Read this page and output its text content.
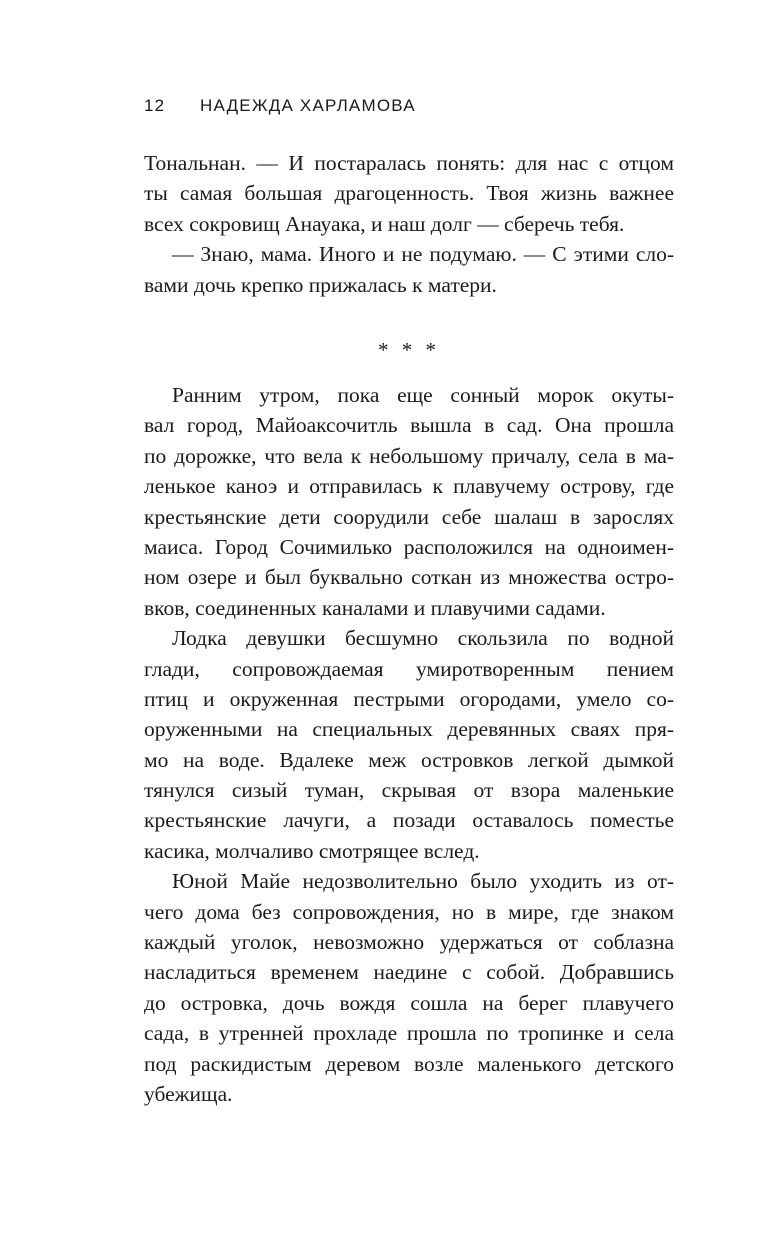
12 НАДЕЖДА ХАРЛАМОВА
Тональнан. — И постаралась понять: для нас с отцом
ты самая большая драгоценность. Твоя жизнь важнее
всех сокровищ Анауака, и наш долг — сберечь тебя.
— Знаю, мама. Иного и не подумаю. — С этими сло-
вами дочь крепко прижалась к матери.
* * *
Ранним утром, пока еще сонный морок окуты-
вал город, Майоаксочитль вышла в сад. Она прошла
по дорожке, что вела к небольшому причалу, села в ма-
ленькое каноэ и отправилась к плавучему острову, где
крестьянские дети соорудили себе шалаш в зарослях
маиса. Город Сочимилько расположился на одноимен-
ном озере и был буквально соткан из множества остро-
вков, соединенных каналами и плавучими садами.
Лодка девушки бесшумно скользила по водной
глади, сопровождаемая умиротворенным пением
птиц и окруженная пестрыми огородами, умело со-
оруженными на специальных деревянных сваях пря-
мо на воде. Вдалеке меж островков легкой дымкой
тянулся сизый туман, скрывая от взора маленькие
крестьянские лачуги, а позади оставалось поместье
касика, молчаливо смотрящее вслед.
Юной Майе недозволительно было уходить из от-
чего дома без сопровождения, но в мире, где знаком
каждый уголок, невозможно удержаться от соблазна
насладиться временем наедине с собой. Добравшись
до островка, дочь вождя сошла на берег плавучего
сада, в утренней прохладе прошла по тропинке и села
под раскидистым деревом возле маленького детского
убежища.
